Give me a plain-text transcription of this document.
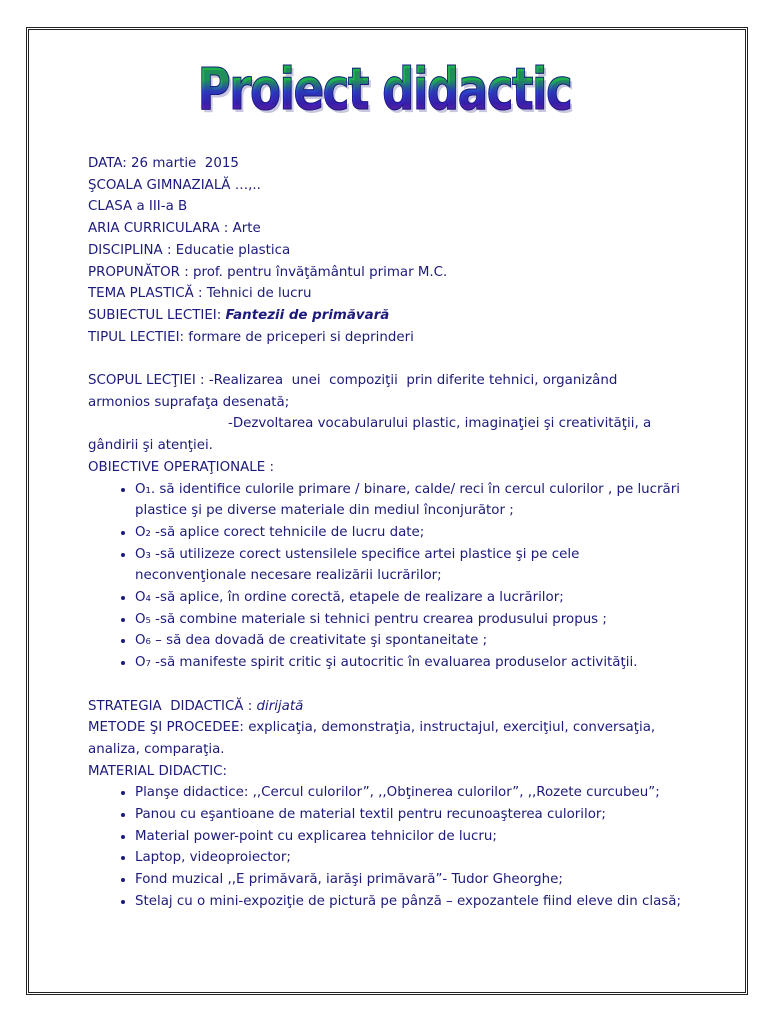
Proiect didactic
DATA: 26 martie  2015
ŞCOALA GIMNAZIALĂ …,..
CLASA a III-a B
ARIA CURRICULARA : Arte
DISCIPLINA : Educatie plastica
PROPUNĂTOR : prof. pentru învăţământul primar M.C.
TEMA PLASTICĂ : Tehnici de lucru
SUBIECTUL LECTIEI: Fantezii de primăvară
TIPUL LECTIEI: formare de priceperi si deprinderi
SCOPUL LECŢIEI : -Realizarea  unei  compoziţii  prin diferite tehnici, organizând
armonios suprafaţa desenată;
-Dezvoltarea vocabularului plastic, imaginaţiei şi creativităţii, a
gândirii şi atenţiei.
OBIECTIVE OPERAŢIONALE :
• O₁. să identifice culorile primare / binare, calde/ reci în cercul culorilor , pe lucrări plastice şi pe diverse materiale din mediul înconjurător ;
• O₂ -să aplice corect tehnicile de lucru date;
• O₃ -să utilizeze corect ustensilele specifice artei plastice şi pe cele neconvenţionale necesare realizării lucrărilor;
• O₄ -să aplice, în ordine corectă, etapele de realizare a lucrărilor;
• O₅ -să combine materiale si tehnici pentru crearea produsului propus ;
• O₆ – să dea dovadă de creativitate şi spontaneitate ;
• O₇ -să manifeste spirit critic şi autocritic în evaluarea produselor activităţii.
STRATEGIA  DIDACTICĂ : dirijată
METODE ŞI PROCEDEE: explicaţia, demonstraţia, instructajul, exerciţiul, conversaţia, analiza, comparaţia.
MATERIAL DIDACTIC:
• Planşe didactice: ,,Cercul culorilor”, ,,Obţinerea culorilor”, ,,Rozete curcubeu”;
• Panou cu eşantioane de material textil pentru recunoaşterea culorilor;
• Material power-point cu explicarea tehnicilor de lucru;
• Laptop, videoproiector;
• Fond muzical ,,E primăvară, iarăşi primăvară”- Tudor Gheorghe;
• Stelaj cu o mini-expoziţie de pictură pe pânză – expozantele fiind eleve din clasă;
